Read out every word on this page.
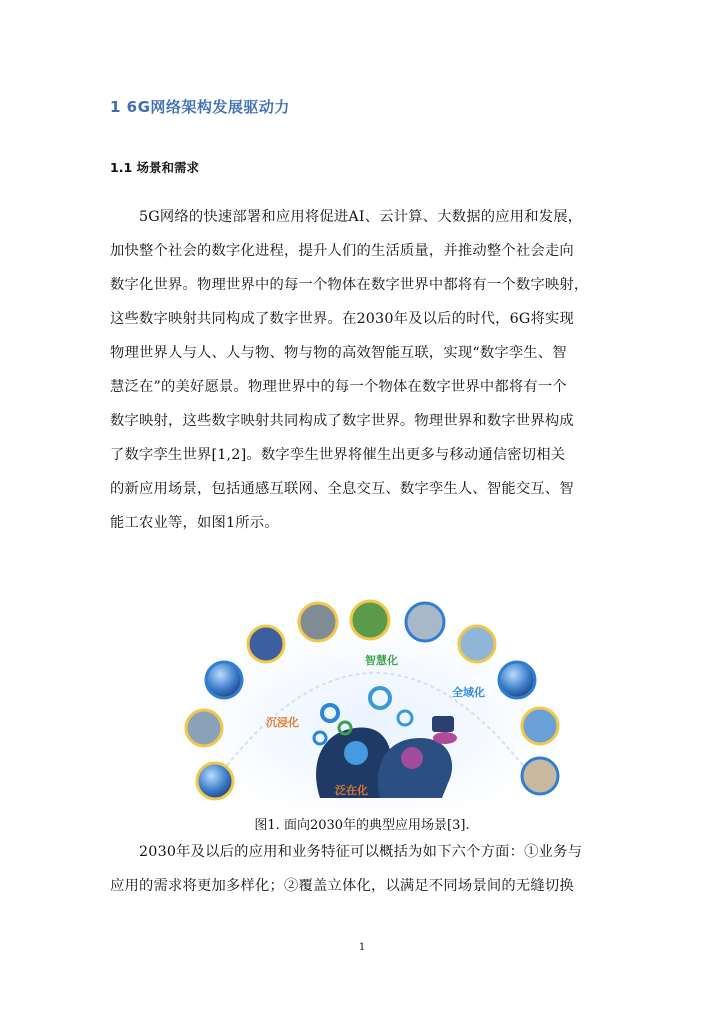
1 6G网络架构发展驱动力
1.1 场景和需求
5G网络的快速部署和应用将促进AI、云计算、大数据的应用和发展，
加快整个社会的数字化进程，提升人们的生活质量，并推动整个社会走向
数字化世界。物理世界中的每一个物体在数字世界中都将有一个数字映射，
这些数字映射共同构成了数字世界。在2030年及以后的时代，6G将实现
物理世界人与人、人与物、物与物的高效智能互联，实现“数字孪生、智
慧泛在”的美好愿景。物理世界中的每一个物体在数字世界中都将有一个
数字映射，这些数字映射共同构成了数字世界。物理世界和数字世界构成
了数字孪生世界[1,2]。数字孪生世界将催生出更多与移动通信密切相关
的新应用场景，包括通感互联网、全息交互、数字孪生人、智能交互、智
能工农业等，如图1所示。
智慧化
全域化
沉浸化
泛在化
图1. 面向2030年的典型应用场景[3].
2030年及以后的应用和业务特征可以概括为如下六个方面：①业务与
应用的需求将更加多样化；②覆盖立体化，以满足不同场景间的无缝切换
1
